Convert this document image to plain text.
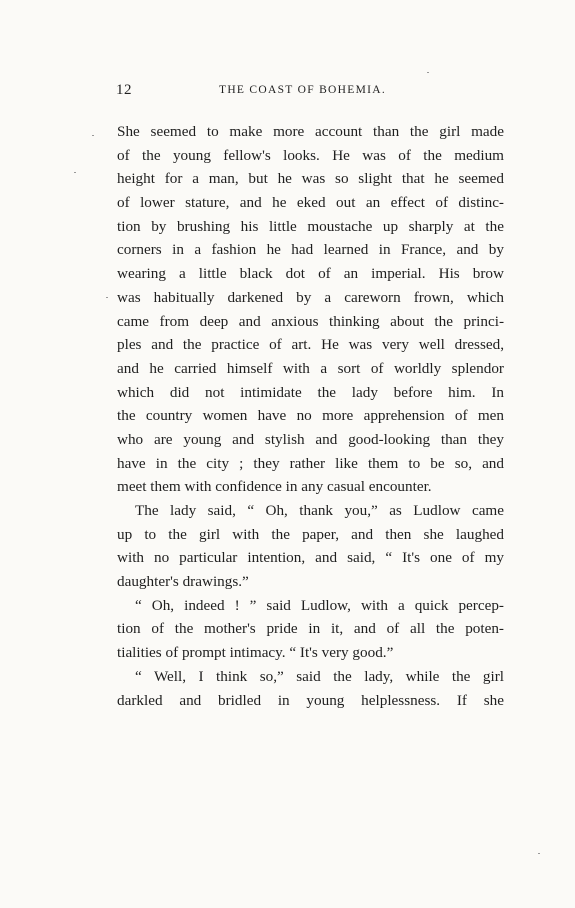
12	THE COAST OF BOHEMIA.
She seemed to make more account than the girl made
of the young fellow's looks. He was of the medium
height for a man, but he was so slight that he seemed
of lower stature, and he eked out an effect of distinc-
tion by brushing his little moustache up sharply at the
corners in a fashion he had learned in France, and by
wearing a little black dot of an imperial. His brow
was habitually darkened by a careworn frown, which
came from deep and anxious thinking about the princi-
ples and the practice of art. He was very well dressed,
and he carried himself with a sort of worldly splendor
which did not intimidate the lady before him. In
the country women have no more apprehension of men
who are young and stylish and good-looking than they
have in the city ; they rather like them to be so, and
meet them with confidence in any casual encounter.
The lady said, “ Oh, thank you,” as Ludlow came
up to the girl with the paper, and then she laughed
with no particular intention, and said, “ It's one of my
daughter's drawings.”
“ Oh, indeed ! ” said Ludlow, with a quick percep-
tion of the mother's pride in it, and of all the poten-
tialities of prompt intimacy. “ It's very good.”
“ Well, I think so,” said the lady, while the girl
darkled and bridled in young helplessness. If she
